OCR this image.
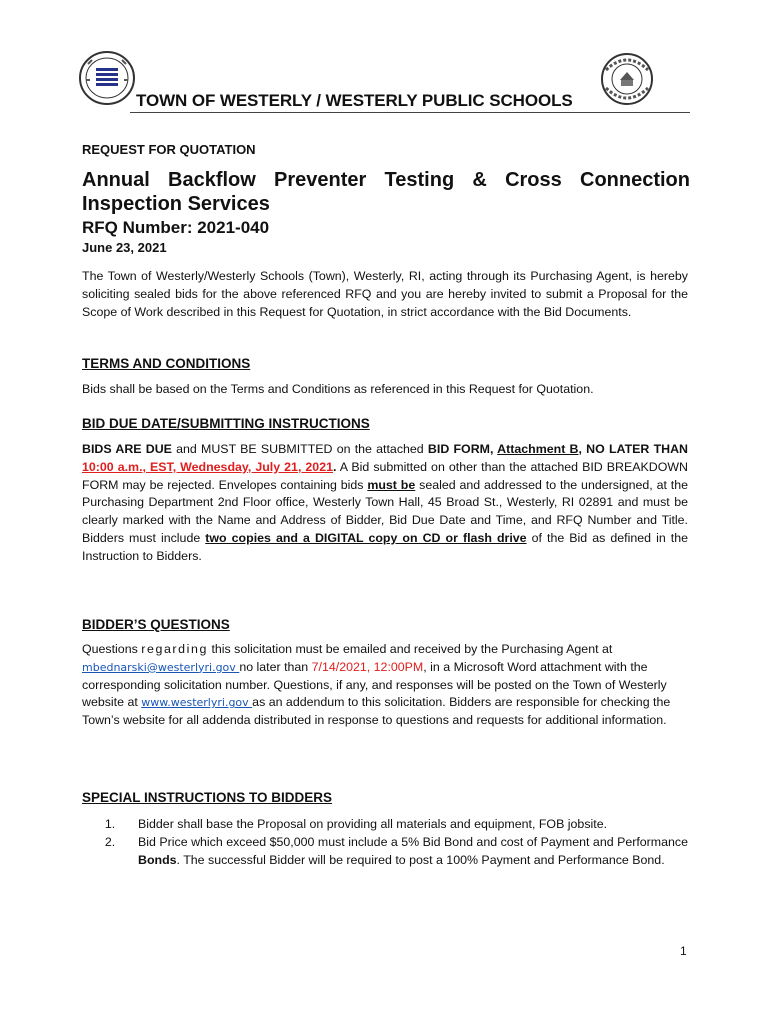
TOWN OF WESTERLY / WESTERLY PUBLIC SCHOOLS
REQUEST FOR QUOTATION
Annual Backflow Preventer Testing & Cross Connection Inspection Services
RFQ Number: 2021-040
June 23, 2021
The Town of Westerly/Westerly Schools (Town), Westerly, RI, acting through its Purchasing Agent, is hereby soliciting sealed bids for the above referenced RFQ and you are hereby invited to submit a Proposal for the Scope of Work described in this Request for Quotation, in strict accordance with the Bid Documents.
TERMS AND CONDITIONS
Bids shall be based on the Terms and Conditions as referenced in this Request for Quotation.
BID DUE DATE/SUBMITTING INSTRUCTIONS
BIDS ARE DUE and MUST BE SUBMITTED on the attached BID FORM, Attachment B, NO LATER THAN 10:00 a.m., EST, Wednesday, July 21, 2021. A Bid submitted on other than the attached BID BREAKDOWN FORM may be rejected. Envelopes containing bids must be sealed and addressed to the undersigned, at the Purchasing Department 2nd Floor office, Westerly Town Hall, 45 Broad St., Westerly, RI 02891 and must be clearly marked with the Name and Address of Bidder, Bid Due Date and Time, and RFQ Number and Title. Bidders must include two copies and a DIGITAL copy on CD or flash drive of the Bid as defined in the Instruction to Bidders.
BIDDER’S QUESTIONS
Questions regarding this solicitation must be emailed and received by the Purchasing Agent at mbednarski@westerlyri.gov no later than 7/14/2021, 12:00PM, in a Microsoft Word attachment with the corresponding solicitation number. Questions, if any, and responses will be posted on the Town of Westerly website at www.westerlyri.gov as an addendum to this solicitation. Bidders are responsible for checking the Town’s website for all addenda distributed in response to questions and requests for additional information.
SPECIAL INSTRUCTIONS TO BIDDERS
1.	Bidder shall base the Proposal on providing all materials and equipment, FOB jobsite.
2.	Bid Price which exceed $50,000 must include a 5% Bid Bond and cost of Payment and Performance Bonds. The successful Bidder will be required to post a 100% Payment and Performance Bond.
1
